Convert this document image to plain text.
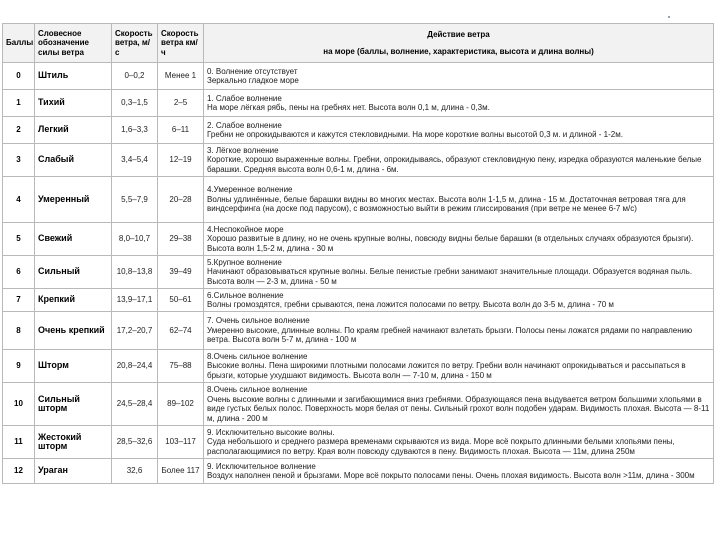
Баллы	Словесное обозначение силы ветра	Скорость ветра, м/с	Скорость ветра км/ч	Действие ветра
на море (баллы, волнение, характеристика, высота и длина волны)

0	Штиль	0–0,2	Менее 1	0. Волнение отсутствует
Зеркально гладкое море
1	Тихий	0,3–1,5	2–5	1. Слабое волнение
На море лёгкая рябь, пены на гребнях нет. Высота волн 0,1 м, длина - 0,3м.
2	Легкий	1,6–3,3	6–11	2. Слабое волнение
Гребни не опрокидываются и кажутся стекловидными. На море короткие волны высотой 0,3 м. и длиной - 1-2м.
3	Слабый	3,4–5,4	12–19	3. Лёгкое волнение
Короткие, хорошо выраженные волны. Гребни, опрокидываясь, образуют стекловидную пену, изредка образуются маленькие белые барашки. Средняя высота волн 0,6-1 м, длина - 6м.
4	Умеренный	5,5–7,9	20–28	4.Умеренное волнение
Волны удлинённые, белые барашки видны во многих местах. Высота волн 1-1,5 м, длина - 15 м. Достаточная ветровая тяга для виндсерфинга (на доске под парусом), с возможностью выйти в режим глиссирования (при ветре не менее 6-7 м/с)
5	Свежий	8,0–10,7	29–38	4.Неспокойное море
Хорошо развитые в длину, но не очень крупные волны, повсюду видны белые барашки (в отдельных случаях образуются брызги). Высота волн 1,5-2 м, длина - 30 м
6	Сильный	10,8–13,8	39–49	5.Крупное волнение
Начинают образовываться крупные волны. Белые пенистые гребни занимают значительные площади. Образуется водяная пыль. Высота волн — 2-3 м, длина - 50 м
7	Крепкий	13,9–17,1	50–61	6.Сильное волнение
Волны громоздятся, гребни срываются, пена ложится полосами по ветру. Высота волн до 3-5 м, длина - 70 м
8	Очень крепкий	17,2–20,7	62–74	7. Очень сильное волнение
Умеренно высокие, длинные волны. По краям гребней начинают взлетать брызги. Полосы пены ложатся рядами по направлению ветра. Высота волн 5-7 м, длина - 100 м
9	Шторм	20,8–24,4	75–88	8.Очень сильное волнение
Высокие волны. Пена широкими плотными полосами ложится по ветру. Гребни волн начинают опрокидываться и рассыпаться в брызги, которые ухудшают видимость. Высота волн — 7-10 м, длина - 150 м
10	Сильный шторм	24,5–28,4	89–102	8.Очень сильное волнение
Очень высокие волны с длинными и загибающимися вниз гребнями. Образующаяся пена выдувается ветром большими хлопьями в виде густых белых полос. Поверхность моря белая от пены. Сильный грохот волн подобен ударам. Видимость плохая. Высота — 8-11 м, длина - 200 м
11	Жестокий шторм	28,5–32,6	103–117	9. Исключительно высокие волны.
Суда небольшого и среднего размера временами скрываются из вида. Море всё покрыто длинными белыми хлопьями пены, располагающимися по ветру. Края волн повсюду сдуваются в пену. Видимость плохая. Высота — 11м, длина 250м
12	Ураган	32,6	Более 117	9. Исключительное волнение
Воздух наполнен пеной и брызгами. Море всё покрыто полосами пены. Очень плохая видимость. Высота волн >11м, длина - 300м
